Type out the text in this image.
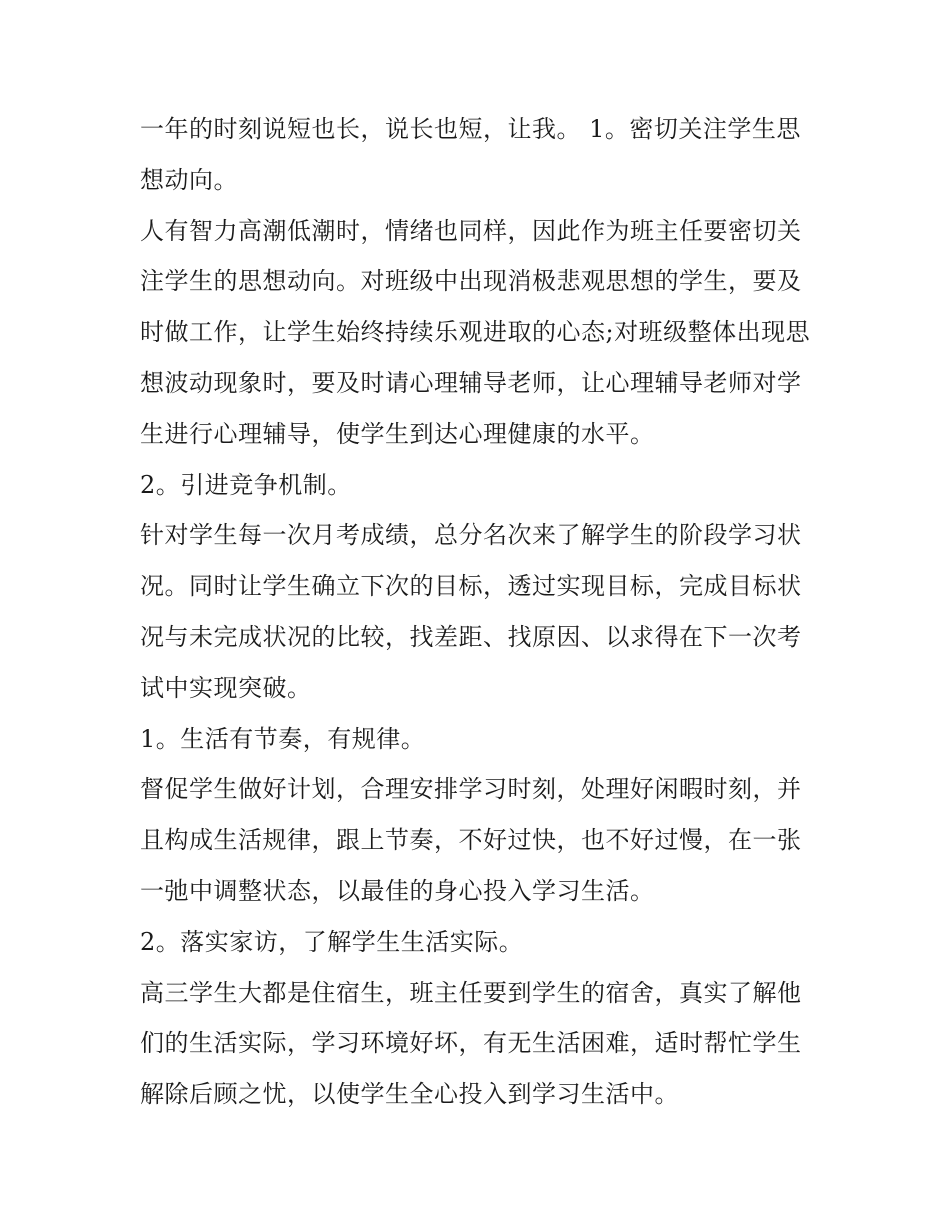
一年的时刻说短也长，说长也短，让我。 1。密切关注学生思想动向。

人有智力高潮低潮时，情绪也同样，因此作为班主任要密切关注学生的思想动向。对班级中出现消极悲观思想的学生，要及时做工作，让学生始终持续乐观进取的心态;对班级整体出现思想波动现象时，要及时请心理辅导老师，让心理辅导老师对学生进行心理辅导，使学生到达心理健康的水平。

2。引进竞争机制。

针对学生每一次月考成绩，总分名次来了解学生的阶段学习状况。同时让学生确立下次的目标，透过实现目标，完成目标状况与未完成状况的比较，找差距、找原因、以求得在下一次考试中实现突破。

1。生活有节奏，有规律。

督促学生做好计划，合理安排学习时刻，处理好闲暇时刻，并且构成生活规律，跟上节奏，不好过快，也不好过慢，在一张一弛中调整状态，以最佳的身心投入学习生活。

2。落实家访，了解学生生活实际。

高三学生大都是住宿生，班主任要到学生的宿舍，真实了解他们的生活实际，学习环境好坏，有无生活困难，适时帮忙学生解除后顾之忧，以使学生全心投入到学习生活中。
